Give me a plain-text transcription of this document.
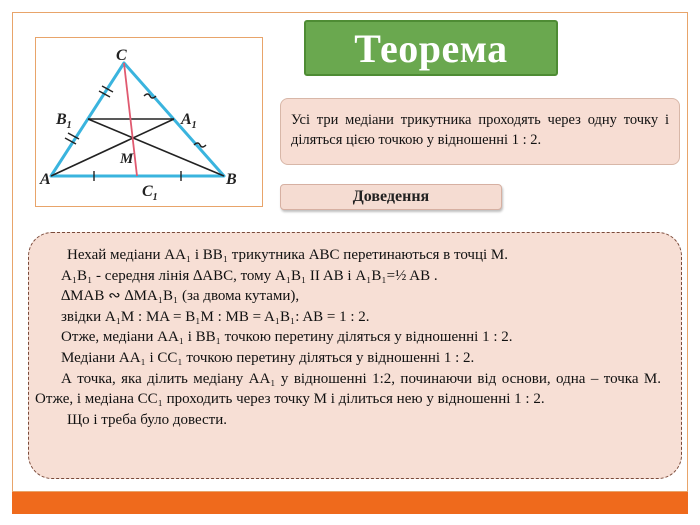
C
$B_1$	$A_1$
M
A	B
$C_1$
Теорема
Усі три медіани трикутника проходять через одну точку і діляться цією точкою у відношенні 1 : 2.
Доведення

Нехай медіани AA₁ і BB₁ трикутника ABC перетинаються в точці M.

A₁B₁ - середня лінія ∆ABC, тому A₁B₁ II AB і A₁B₁=½ AB .

∆MAB ∾ ∆MA₁B₁ (за двома кутами),

звідки A₁M : MA = B₁M : MB = A₁B₁: AB = 1 : 2.

Отже, медіани AA₁ і BB₁ точкою перетину діляться у відношенні 1 : 2.

Медіани AA₁ і CC₁ точкою перетину діляться у відношенні 1 : 2.

А точка, яка ділить медіану AA₁ у відношенні 1:2, починаючи від основи, одна – точка М. Отже, і медіана CC₁ проходить через точку М і ділиться нею у відношенні 1 : 2.

Що і треба було довести.
